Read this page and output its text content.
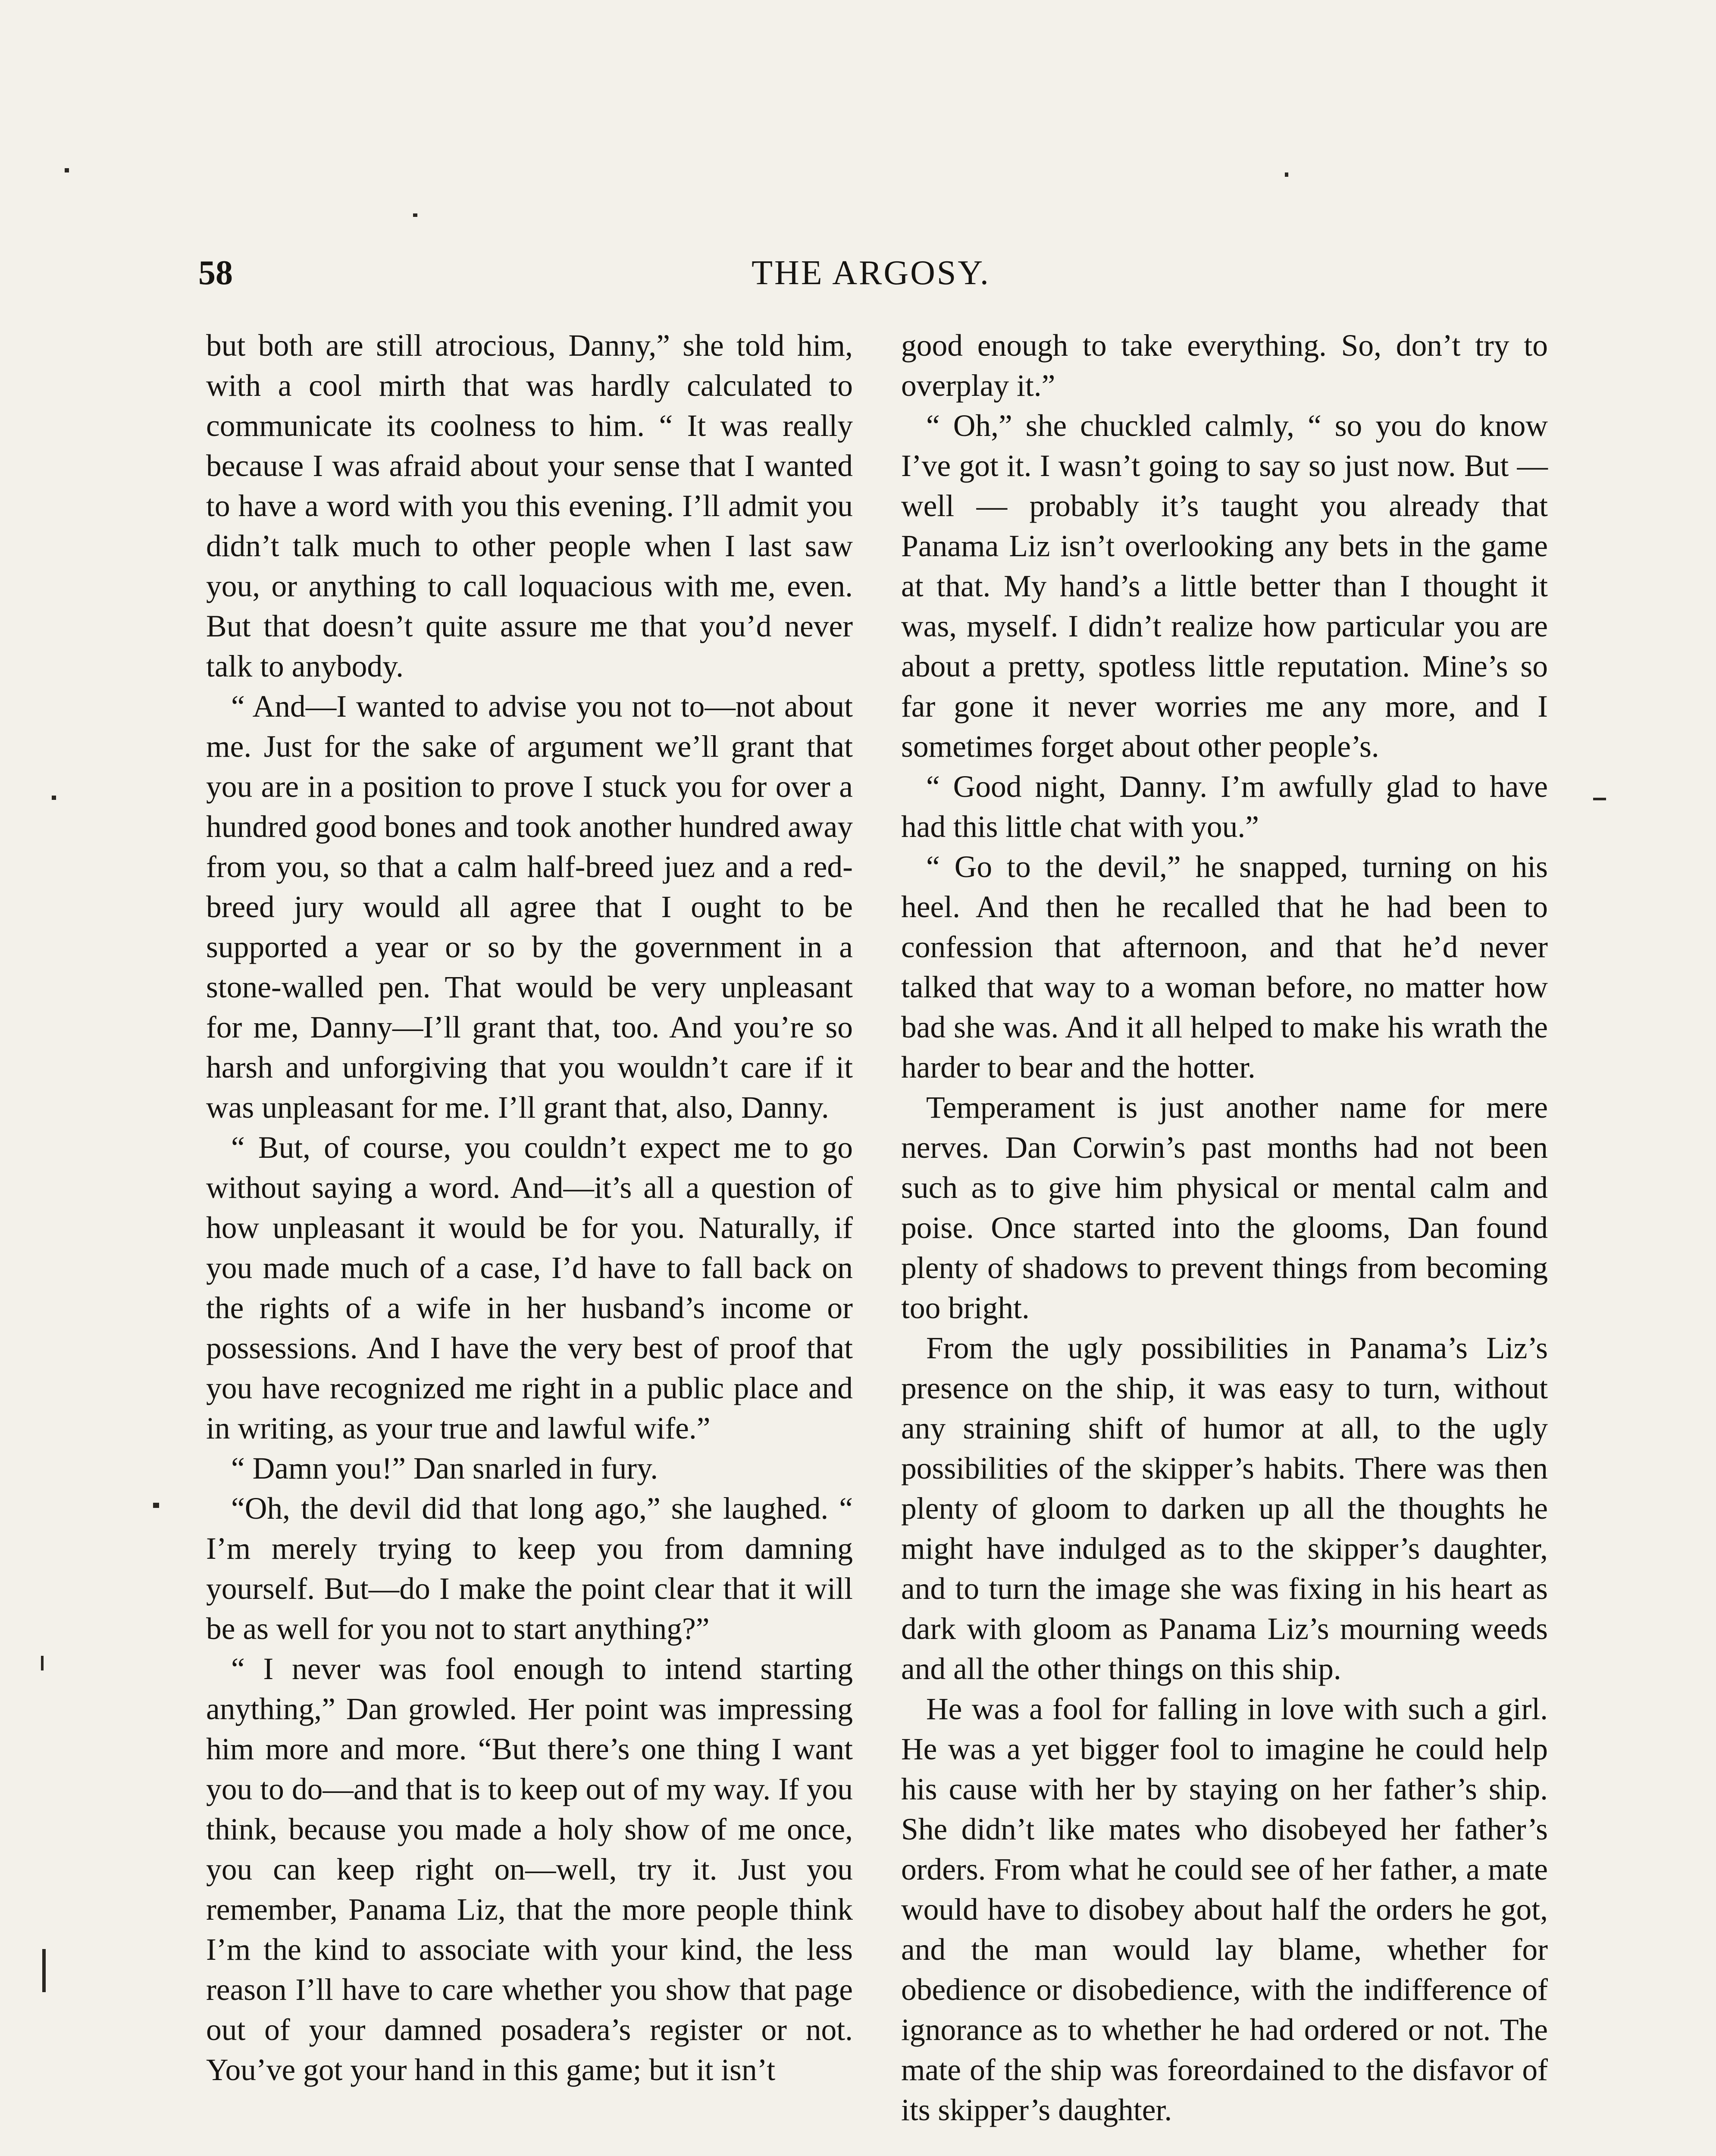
58	THE ARGOSY.

but both are still atrocious, Danny,” she told him, with a cool mirth that was hardly calculated to communicate its coolness to him. “ It was really because I was afraid about your sense that I wanted to have a word with you this evening. I’ll admit you didn’t talk much to other people when I last saw you, or anything to call loquacious with me, even. But that doesn’t quite assure me that you’d never talk to anybody.

“ And—I wanted to advise you not to—not about me. Just for the sake of argument we’ll grant that you are in a position to prove I stuck you for over a hundred good bones and took another hundred away from you, so that a calm half-breed juez and a red-breed jury would all agree that I ought to be supported a year or so by the government in a stone-walled pen. That would be very unpleasant for me, Danny—I’ll grant that, too. And you’re so harsh and unforgiving that you wouldn’t care if it was unpleasant for me. I’ll grant that, also, Danny.

“ But, of course, you couldn’t expect me to go without saying a word. And—it’s all a question of how unpleasant it would be for you. Naturally, if you made much of a case, I’d have to fall back on the rights of a wife in her husband’s income or possessions. And I have the very best of proof that you have recognized me right in a public place and in writing, as your true and lawful wife.”

“ Damn you!” Dan snarled in fury.

“Oh, the devil did that long ago,” she laughed. “ I’m merely trying to keep you from damning yourself. But—do I make the point clear that it will be as well for you not to start anything?”

“ I never was fool enough to intend starting anything,” Dan growled. Her point was impressing him more and more. “But there’s one thing I want you to do—and that is to keep out of my way. If you think, because you made a holy show of me once, you can keep right on—well, try it. Just you remember, Panama Liz, that the more people think I’m the kind to associate with your kind, the less reason I’ll have to care whether you show that page out of your damned posadera’s register or not. You’ve got your hand in this game; but it isn’t

good enough to take everything. So, don’t try to overplay it.”

“ Oh,” she chuckled calmly, “ so you do know I’ve got it. I wasn’t going to say so just now. But — well — probably it’s taught you already that Panama Liz isn’t overlooking any bets in the game at that. My hand’s a little better than I thought it was, myself. I didn’t realize how particular you are about a pretty, spotless little reputation. Mine’s so far gone it never worries me any more, and I sometimes forget about other people’s.

“ Good night, Danny. I’m awfully glad to have had this little chat with you.”

“ Go to the devil,” he snapped, turning on his heel. And then he recalled that he had been to confession that afternoon, and that he’d never talked that way to a woman before, no matter how bad she was. And it all helped to make his wrath the harder to bear and the hotter.

Temperament is just another name for mere nerves. Dan Corwin’s past months had not been such as to give him physical or mental calm and poise. Once started into the glooms, Dan found plenty of shadows to prevent things from becoming too bright.

From the ugly possibilities in Panama’s Liz’s presence on the ship, it was easy to turn, without any straining shift of humor at all, to the ugly possibilities of the skipper’s habits. There was then plenty of gloom to darken up all the thoughts he might have indulged as to the skipper’s daughter, and to turn the image she was fixing in his heart as dark with gloom as Panama Liz’s mourning weeds and all the other things on this ship.

He was a fool for falling in love with such a girl. He was a yet bigger fool to imagine he could help his cause with her by staying on her father’s ship. She didn’t like mates who disobeyed her father’s orders. From what he could see of her father, a mate would have to disobey about half the orders he got, and the man would lay blame, whether for obedience or disobedience, with the indifference of ignorance as to whether he had ordered or not. The mate of the ship was foreordained to the disfavor of its skipper’s daughter.
